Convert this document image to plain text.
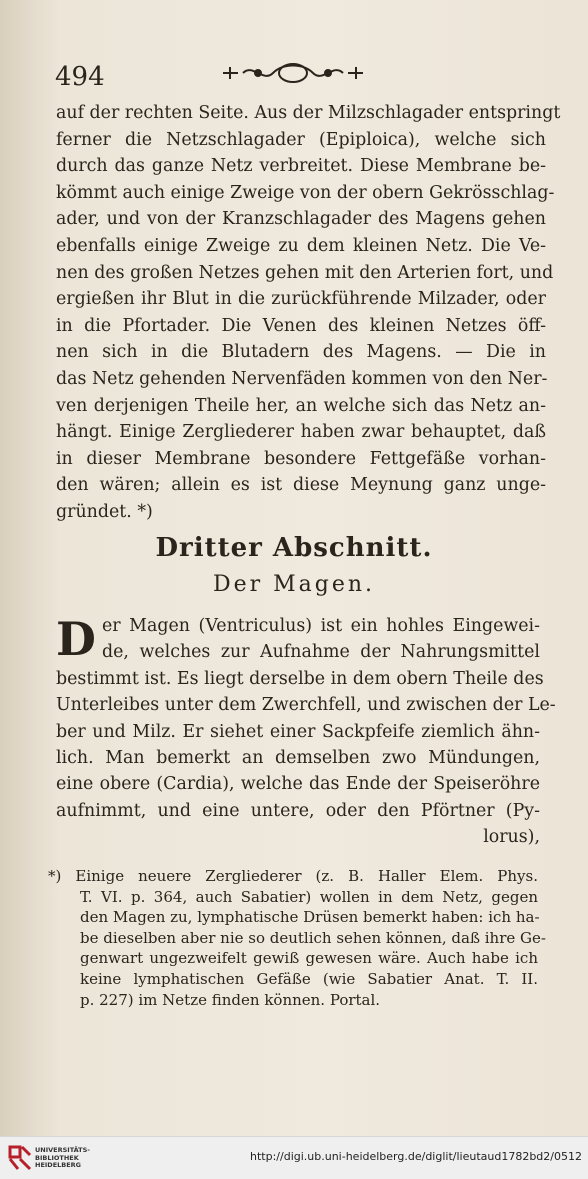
494
auf der rechten Seite. Aus der Milzschlagader entspringt
ferner die Netzschlagader (Epiploica), welche sich
durch das ganze Netz verbreitet. Diese Membrane be-
kömmt auch einige Zweige von der obern Gekrösschlag-
ader, und von der Kranzschlagader des Magens gehen
ebenfalls einige Zweige zu dem kleinen Netz. Die Ve-
nen des großen Netzes gehen mit den Arterien fort, und
ergießen ihr Blut in die zurückführende Milzader, oder
in die Pfortader. Die Venen des kleinen Netzes öff-
nen sich in die Blutadern des Magens. — Die in
das Netz gehenden Nervenfäden kommen von den Ner-
ven derjenigen Theile her, an welche sich das Netz an-
hängt. Einige Zergliederer haben zwar behauptet, daß
in dieser Membrane besondere Fettgefäße vorhan-
den wären; allein es ist diese Meynung ganz unge-
gründet. *)
Dritter Abschnitt.
Der Magen.
D er Magen (Ventriculus) ist ein hohles Eingewei-
de, welches zur Aufnahme der Nahrungsmittel
bestimmt ist. Es liegt derselbe in dem obern Theile des
Unterleibes unter dem Zwerchfell, und zwischen der Le-
ber und Milz. Er siehet einer Sackpfeife ziemlich ähn-
lich. Man bemerkt an demselben zwo Mündungen,
eine obere (Cardia), welche das Ende der Speiseröhre
aufnimmt, und eine untere, oder den Pförtner (Py-
lorus),
*) Einige neuere Zergliederer (z. B. Haller Elem. Phys.
T. VI. p. 364, auch Sabatier) wollen in dem Netz, gegen
den Magen zu, lymphatische Drüsen bemerkt haben: ich ha-
be dieselben aber nie so deutlich sehen können, daß ihre Ge-
genwart ungezweifelt gewiß gewesen wäre. Auch habe ich
keine lymphatischen Gefäße (wie Sabatier Anat. T. II.
p. 227) im Netze finden können. Portal.
UNIVERSITÄTS-
BIBLIOTHEK
HEIDELBERG
http://digi.ub.uni-heidelberg.de/diglit/lieutaud1782bd2/0512
